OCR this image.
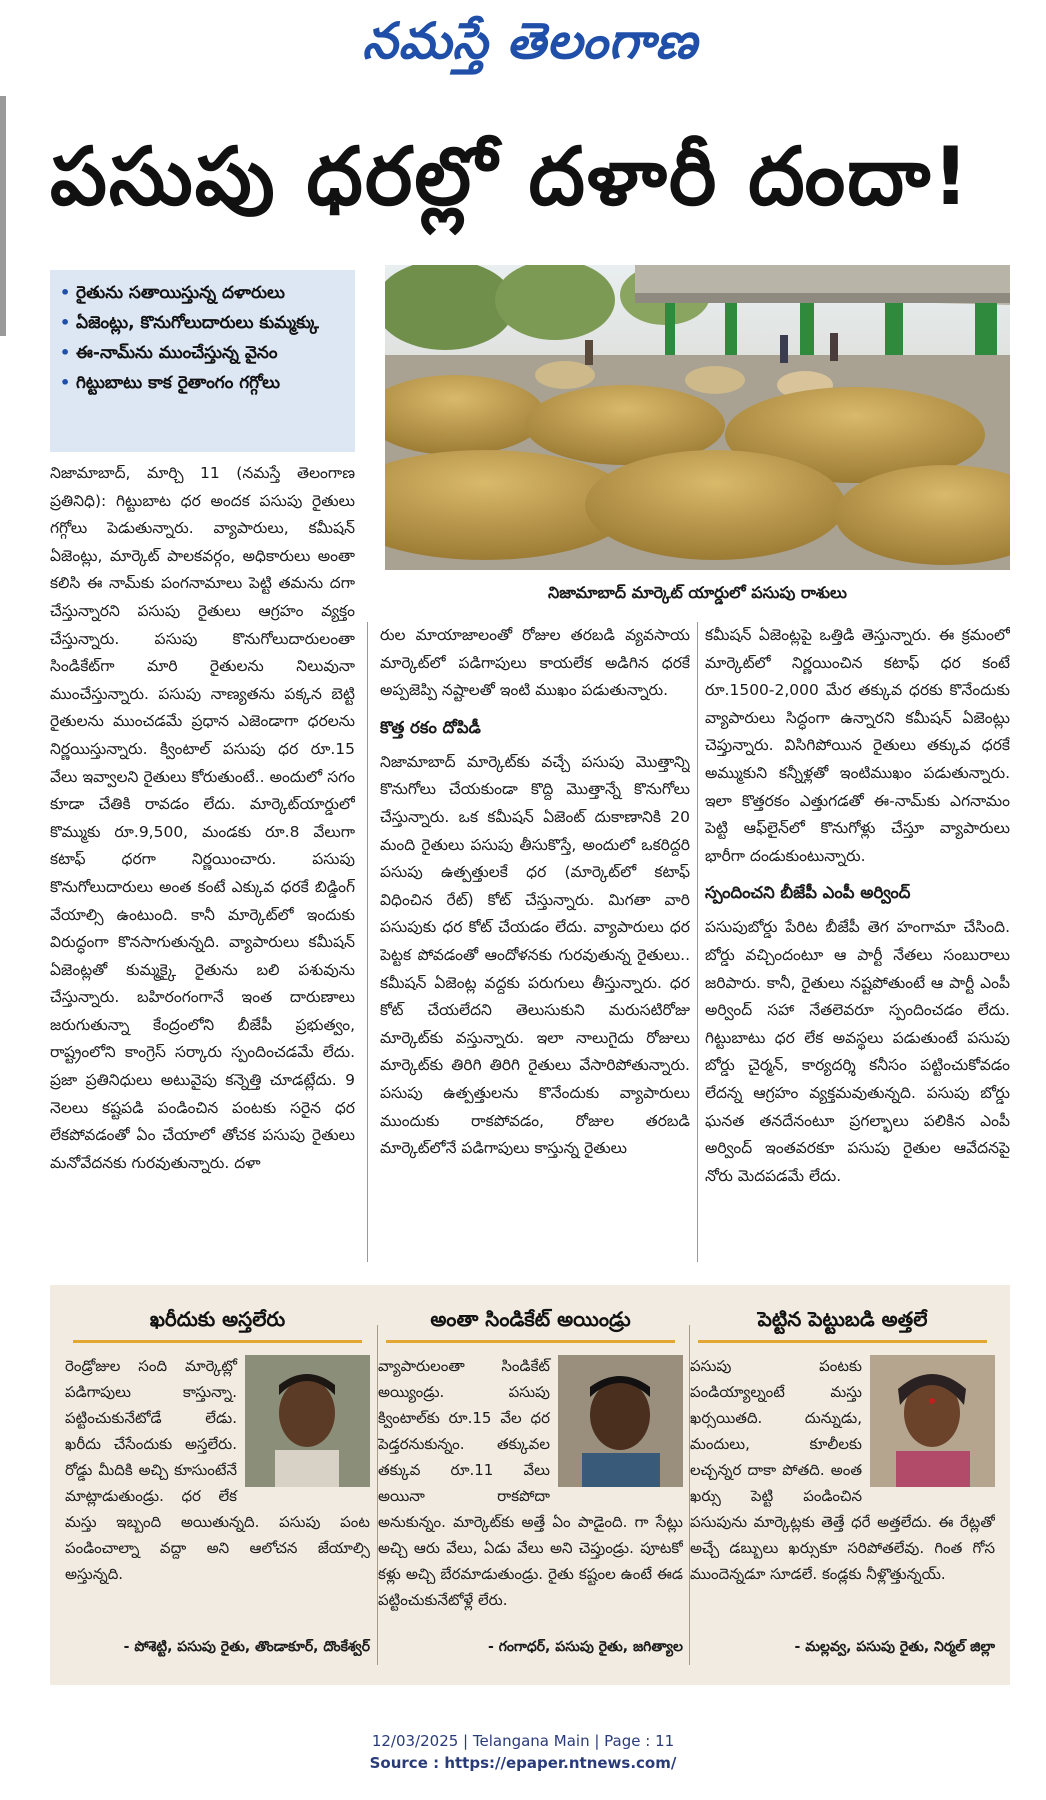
నమస్తే తెలంగాణ
పసుపు ధరల్లో దళారీ దందా!
• రైతును సతాయిస్తున్న దళారులు
• ఏజెంట్లు, కొనుగోలుదారులు కుమ్మక్కు
• ఈ-నామ్‌ను ముంచేస్తున్న వైనం
• గిట్టుబాటు కాక రైతాంగం గగ్గోలు
నిజామాబాద్‌ మార్కెట్‌ యార్డులో పసుపు రాశులు

నిజామాబాద్‌, మార్చి 11 (నమస్తే తెలంగాణ ప్రతినిధి): గిట్టుబాట ధర అందక పసుపు రైతులు గగ్గోలు పెడుతున్నారు. వ్యాపారులు, కమీషన్‌ ఏజెంట్లు, మార్కెట్‌ పాలకవర్గం, అధికారులు అంతా కలిసి ఈ నామ్‌కు పంగనామాలు పెట్టి తమను దగా చేస్తున్నారని పసుపు రైతులు ఆగ్రహం వ్యక్తం చేస్తున్నారు. పసుపు కొనుగోలుదారులంతా సిండికేట్‌గా మారి రైతులను నిలువునా ముంచేస్తున్నారు. పసుపు నాణ్యతను పక్కన బెట్టి రైతులను ముంచడమే ప్రధాన ఎజెండాగా ధరలను నిర్ణయిస్తున్నారు. క్వింటాల్‌ పసుపు ధర రూ.15 వేలు ఇవ్వాలని రైతులు కోరుతుంటే.. అందులో సగం కూడా చేతికి రావడం లేదు. మార్కెట్‌యార్డులో కొమ్ముకు రూ.9,500, మండకు రూ.8 వేలుగా కటాఫ్‌ ధరగా నిర్ణయించారు. పసుపు కొనుగోలుదారులు అంత కంటే ఎక్కువ ధరకే బిడ్డింగ్‌ వేయాల్సి ఉంటుంది. కానీ మార్కెట్‌లో ఇందుకు విరుద్ధంగా కొనసాగుతున్నది. వ్యాపారులు కమీషన్‌ ఏజెంట్లతో కుమ్మక్కై రైతును బలి పశువును చేస్తున్నారు. బహిరంగంగానే ఇంత దారుణాలు జరుగుతున్నా కేంద్రంలోని బీజేపీ ప్రభుత్వం, రాష్ట్రంలోని కాంగ్రెస్‌ సర్కారు స్పందించడమే లేదు. ప్రజా ప్రతినిధులు అటువైపు కన్నెత్తి చూడట్లేదు. 9 నెలలు కష్టపడి పండించిన పంటకు సరైన ధర లేకపోవడంతో ఏం చేయాలో తోచక పసుపు రైతులు మనోవేదనకు గురవుతున్నారు. దళా

రుల మాయాజాలంతో రోజుల తరబడి వ్యవసాయ మార్కెట్‌లో పడిగాపులు కాయలేక అడిగిన ధరకే అప్పజెప్పి నష్టాలతో ఇంటి ముఖం పడుతున్నారు.

కొత్త రకం దోపిడీ

నిజామాబాద్‌ మార్కెట్‌కు వచ్చే పసుపు మొత్తాన్ని కొనుగోలు చేయకుండా కొద్ది మొత్తాన్నే కొనుగోలు చేస్తున్నారు. ఒక కమీషన్‌ ఏజెంట్‌ దుకాణానికి 20 మంది రైతులు పసుపు తీసుకొస్తే, అందులో ఒకరిద్దరి పసుపు ఉత్పత్తులకే ధర (మార్కెట్‌లో కటాఫ్‌ విధించిన రేట్‌) కోట్‌ చేస్తున్నారు. మిగతా వారి పసుపుకు ధర కోట్‌ చేయడం లేదు. వ్యాపారులు ధర పెట్టక పోవడంతో ఆందోళనకు గురవుతున్న రైతులు.. కమీషన్‌ ఏజెంట్ల వద్దకు పరుగులు తీస్తున్నారు. ధర కోట్‌ చేయలేదని తెలుసుకుని మరుసటిరోజు మార్కెట్‌కు వస్తున్నారు. ఇలా నాలుగైదు రోజులు మార్కెట్‌కు తిరిగి తిరిగి రైతులు వేసారిపోతున్నారు. పసుపు ఉత్పత్తులను కొనేందుకు వ్యాపారులు ముందుకు రాకపోవడం, రోజుల తరబడి మార్కెట్‌లోనే పడిగాపులు కాస్తున్న రైతులు

కమీషన్‌ ఏజెంట్లపై ఒత్తిడి తెస్తున్నారు. ఈ క్రమంలో మార్కెట్‌లో నిర్ణయించిన కటాఫ్‌ ధర కంటే రూ.1500-2,000 మేర తక్కువ ధరకు కొనేందుకు వ్యాపారులు సిద్ధంగా ఉన్నారని కమీషన్‌ ఏజెంట్లు చెప్తున్నారు. విసిగిపోయిన రైతులు తక్కువ ధరకే అమ్ముకుని కన్నీళ్లతో ఇంటిముఖం పడుతున్నారు. ఇలా కొత్తరకం ఎత్తుగడతో ఈ-నామ్‌కు ఎగనామం పెట్టి ఆఫ్‌లైన్‌లో కొనుగోళ్లు చేస్తూ వ్యాపారులు భారీగా దండుకుంటున్నారు.

స్పందించని బీజేపీ ఎంపీ అర్వింద్‌

పసుపుబోర్డు పేరిట బీజేపీ తెగ హంగామా చేసింది. బోర్డు వచ్చిందంటూ ఆ పార్టీ నేతలు సంబురాలు జరిపారు. కానీ, రైతులు నష్టపోతుంటే ఆ పార్టీ ఎంపీ అర్వింద్‌ సహా నేతలెవరూ స్పందించడం లేదు. గిట్టుబాటు ధర లేక అవస్థలు పడుతుంటే పసుపు బోర్డు చైర్మన్‌, కార్యదర్శి కనీసం పట్టించుకోవడం లేదన్న ఆగ్రహం వ్యక్తమవుతున్నది. పసుపు బోర్డు ఘనత తనదేనంటూ ప్రగల్భాలు పలికిన ఎంపీ అర్వింద్‌ ఇంతవరకూ పసుపు రైతుల ఆవేదనపై నోరు మెదపడమే లేదు.

ఖరీదుకు అస్తలేరు
రెండ్రోజుల సంది మార్కెట్లో పడిగాపులు కాస్తున్నా. పట్టించుకునేటోడే లేడు. ఖరీదు చేసేందుకు అస్తలేరు. రోడ్డు మీదికి అచ్చి కూసుంటేనే మాట్లాడుతుండ్రు. ధర లేక మస్తు ఇబ్బంది అయితున్నది. పసుపు పంట పండించాల్నా వద్దా అని ఆలోచన జేయాల్సి అస్తున్నది.
- పోశెట్టి, పసుపు రైతు, తొండాకూర్‌, దొంకేశ్వర్‌
అంతా సిండికేట్‌ అయిండ్రు
వ్యాపారులంతా సిండికేట్‌ అయ్యిండ్రు. పసుపు క్వింటాల్‌కు రూ.15 వేల ధర పెడ్తరనుకున్నం. తక్కువల తక్కువ రూ.11 వేలు అయినా రాకపోదా అనుకున్నం. మార్కెట్‌కు అత్తే ఏం పాడైంది. గా సేట్లు అచ్చి ఆరు వేలు, ఏడు వేలు అని చెప్తుండ్రు. పూటకో కళ్లు అచ్చి బేరమాడుతుండ్రు. రైతు కష్టంల ఉంటే ఈడ పట్టించుకునేటోళ్లే లేరు.
- గంగాధర్‌, పసుపు రైతు, జగిత్యాల
పెట్టిన పెట్టుబడి అత్తలే
పసుపు పంటకు పండియ్యాల్నంటే మస్తు ఖర్సయితది. దున్నుడు, మందులు, కూలీలకు లచ్చన్నర దాకా పోతది. అంత ఖర్సు పెట్టి పండించిన పసుపును మార్కెట్లకు తెత్తే ధరే అత్తలేదు. ఈ రేట్లతో అచ్చే డబ్బులు ఖర్సుకూ సరిపోతలేవు. గింత గోస ముందెన్నడూ సూడలే. కండ్లకు నీళ్లొత్తున్నయ్‌.
- మల్లవ్వ, పసుపు రైతు, నిర్మల్‌ జిల్లా
12/03/2025 | Telangana Main | Page : 11
Source : https://epaper.ntnews.com/
